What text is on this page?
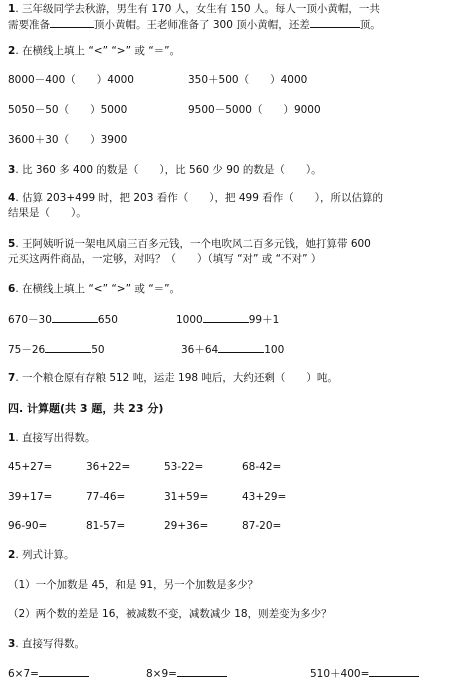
1. 三年级同学去秋游，男生有 170 人，女生有 150 人。每人一顶小黄帽，一共
需要准备	顶小黄帽。王老师准备了 300 顶小黄帽，还差	顶。
2. 在横线上填上 “<” “>” 或 “＝”。
8000－400（　　）4000	350＋500（　　）4000
5050－50（　　）5000	9500－5000（　　）9000
3600＋30（　　）3900
3. 比 360 多 400 的数是（　　），比 560 少 90 的数是（　　）。
4. 估算 203+499 时，把 203 看作（　　），把 499 看作（　　），所以估算的
结果是（　　）。
5. 王阿姨听说一架电风扇三百多元钱，一个电吹风二百多元钱，她打算带 600
元买这两件商品，一定够，对吗？（　　）（填写 “对” 或 “不对” ）
6. 在横线上填上 “<” “>” 或 “＝”。
670－30	650	1000	99＋1
75－26	50	36＋64	100
7. 一个粮仓原有存粮 512 吨，运走 198 吨后，大约还剩（　　）吨。
四. 计算题(共 3 题，共 23 分)
1. 直接写出得数。
45+27=	36+22=	53-22=	68-42=
39+17=	77-46=	31+59=	43+29=
96-90=	81-57=	29+36=	87-20=
2. 列式计算。
（1）一个加数是 45，和是 91，另一个加数是多少？
（2）两个数的差是 16，被减数不变，减数减少 18，则差变为多少？
3. 直接写得数。
6×7=	8×9=	510＋400=
